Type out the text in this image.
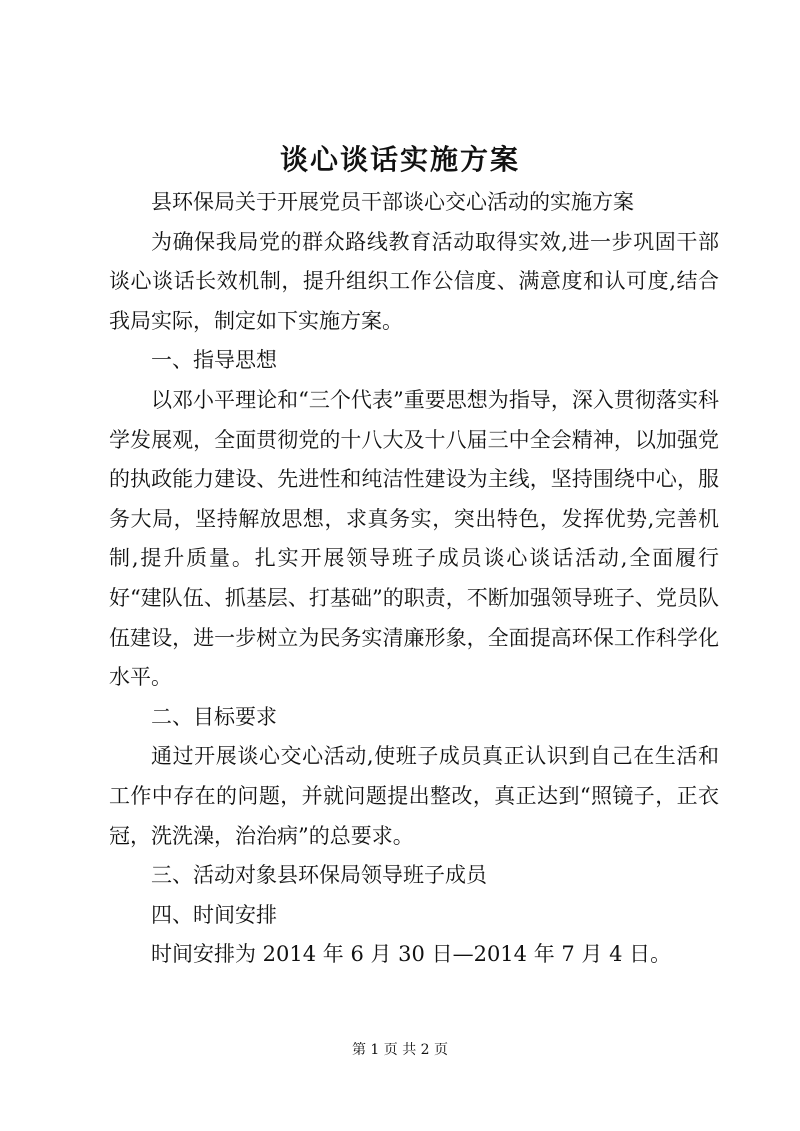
谈心谈话实施方案

县环保局关于开展党员干部谈心交心活动的实施方案

为确保我局党的群众路线教育活动取得实效,进一步巩固干部谈心谈话长效机制，提升组织工作公信度、满意度和认可度,结合我局实际，制定如下实施方案。

一、指导思想

以邓小平理论和“三个代表”重要思想为指导，深入贯彻落实科学发展观，全面贯彻党的十八大及十八届三中全会精神，以加强党的执政能力建设、先进性和纯洁性建设为主线，坚持围绕中心，服务大局，坚持解放思想，求真务实，突出特色，发挥优势,完善机制,提升质量。扎实开展领导班子成员谈心谈话活动,全面履行好“建队伍、抓基层、打基础”的职责，不断加强领导班子、党员队伍建设，进一步树立为民务实清廉形象，全面提高环保工作科学化水平。

二、目标要求

通过开展谈心交心活动,使班子成员真正认识到自己在生活和工作中存在的问题，并就问题提出整改，真正达到“照镜子，正衣冠，洗洗澡，治治病”的总要求。

三、活动对象县环保局领导班子成员

四、时间安排

时间安排为 2014 年 6 月 30 日—2014 年 7 月 4 日。

第 1 页 共 2 页
